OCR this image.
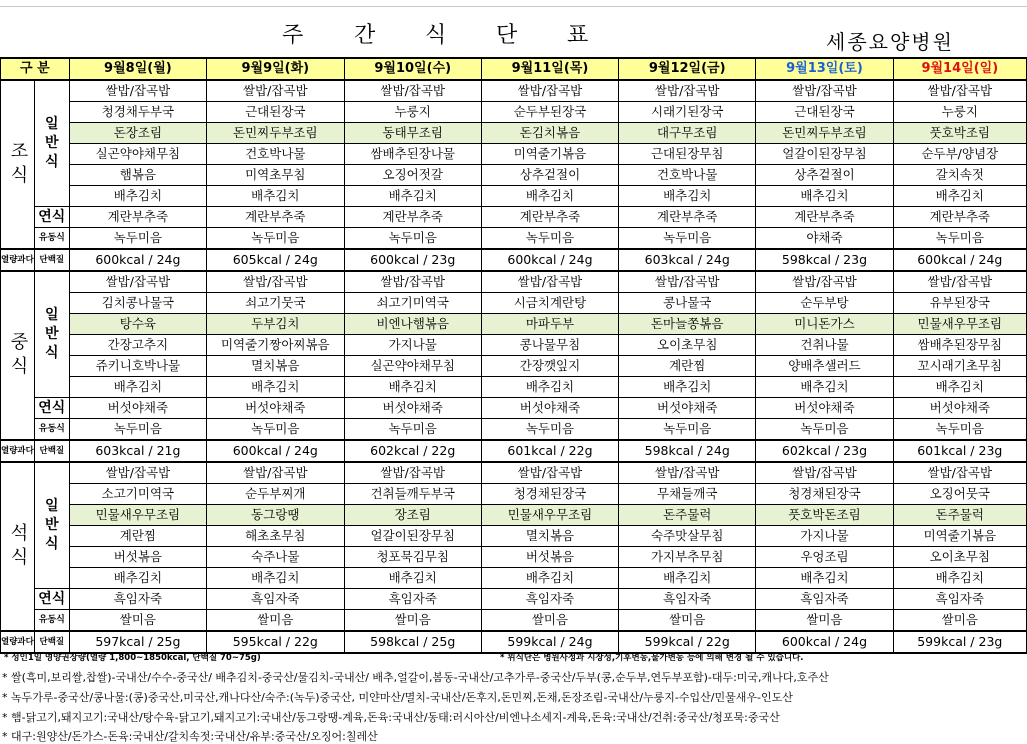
주 간 식 단 표	세종요양병원
구 분		9월8일(월)	9월9일(화)	9월10일(수)	9월11일(목)	9월12일(금)	9월13일(토)	9월14일(일)
조식	일반식	쌀밥/잡곡밥	쌀밥/잡곡밥	쌀밥/잡곡밥	쌀밥/잡곡밥	쌀밥/잡곡밥	쌀밥/잡곡밥	쌀밥/잡곡밥
		청경채두부국	근대된장국	누룽지	순두부된장국	시래기된장국	근대된장국	누룽지
		돈장조림	돈민찌두부조림	동태무조림	돈김치볶음	대구무조림	돈민찌두부조림	풋호박조림
		실곤약야채무침	건호박나물	쌈배추된장나물	미역줄기볶음	근대된장무침	얼갈이된장무침	순두부/양념장
		햄볶음	미역초무침	오징어젓갈	상추겉절이	건호박나물	상추겉절이	갈치속젓
		배추김치	배추김치	배추김치	배추김치	배추김치	배추김치	배추김치
	연식	계란부추죽	계란부추죽	계란부추죽	계란부추죽	계란부추죽	계란부추죽	계란부추죽
	유동식	녹두미음	녹두미음	녹두미음	녹두미음	녹두미음	야채죽	녹두미음
열량과다	단백질	600kcal / 24g	605kcal / 24g	600kcal / 23g	600kcal / 24g	603kcal / 24g	598kcal / 23g	600kcal / 24g
중식	일반식	쌀밥/잡곡밥	쌀밥/잡곡밥	쌀밥/잡곡밥	쌀밥/잡곡밥	쌀밥/잡곡밥	쌀밥/잡곡밥	쌀밥/잡곡밥
		김치콩나물국	쇠고기뭇국	쇠고기미역국	시금치계란탕	콩나물국	순두부탕	유부된장국
		탕수육	두부김치	비엔나햄볶음	마파두부	돈마늘쫑볶음	미니돈가스	민물새우무조림
		간장고추지	미역줄기짱아찌볶음	가지나물	콩나물무침	오이초무침	건취나물	쌈배추된장무침
		쥬키니호박나물	멸치볶음	실곤약야채무침	간장깻잎지	계란찜	양배추샐러드	꼬시래기초무침
		배추김치	배추김치	배추김치	배추김치	배추김치	배추김치	배추김치
	연식	버섯야채죽	버섯야채죽	버섯야채죽	버섯야채죽	버섯야채죽	버섯야채죽	버섯야채죽
	유동식	녹두미음	녹두미음	녹두미음	녹두미음	녹두미음	녹두미음	녹두미음
열량과다	단백질	603kcal / 21g	600kcal / 24g	602kcal / 22g	601kcal / 22g	598kcal / 24g	602kcal / 23g	601kcal / 23g
석식	일반식	쌀밥/잡곡밥	쌀밥/잡곡밥	쌀밥/잡곡밥	쌀밥/잡곡밥	쌀밥/잡곡밥	쌀밥/잡곡밥	쌀밥/잡곡밥
		소고기미역국	순두부찌개	건취들깨두부국	청경채된장국	무채들깨국	청경채된장국	오징어뭇국
		민물새우무조림	동그랑땡	장조림	민물새우무조림	돈주물럭	풋호박돈조림	돈주물럭
		계란찜	해초초무침	얼갈이된장무침	멸치볶음	숙주맛살무침	가지나물	미역줄기볶음
		버섯볶음	숙주나물	청포묵김무침	버섯볶음	가지부추무침	우엉조림	오이초무침
		배추김치	배추김치	배추김치	배추김치	배추김치	배추김치	배추김치
	연식	흑임자죽	흑임자죽	흑임자죽	흑임자죽	흑임자죽	흑임자죽	흑임자죽
	유동식	쌀미음	쌀미음	쌀미음	쌀미음	쌀미음	쌀미음	쌀미음
열량과다	단백질	597kcal / 25g	595kcal / 22g	598kcal / 25g	599kcal / 24g	599kcal / 22g	600kcal / 24g	599kcal / 23g
* 성인1일 영양권장량(열량 1,800~1850kcal, 단백질 70~75g)	* 위식단은 병원사정과 시장성,기후변동,물가변동 등에 의해 변경 될 수 있습니다.
* 쌀(흑미,보리쌀,찹쌀)-국내산/수수-중국산/ 배추김치-중국산/물김치-국내산/ 배추,얼갈이,봄동-국내산/고추가루-중국산/두부(콩,순두부,연두부포함)-대두:미국,캐나다,호주산
* 녹두가루-중국산/콩나물:(콩)중국산,미국산,캐나다산/숙주:(녹두)중국산, 미얀마산/멸치-국내산/돈후지,돈민찌,돈채,돈장조림-국내산/누룽지-수입산/민물새우-인도산
* 햄-닭고기,돼지고기:국내산/탕수육-닭고기,돼지고기:국내산/동그랑땡-계육,돈육:국내산/동태:러시아산/비엔나소세지-계육,돈육:국내산/건취:중국산/청포묵:중국산
* 대구:원양산/돈가스-돈육:국내산/갈치속젓:국내산/유부:중국산/오징어:칠레산
